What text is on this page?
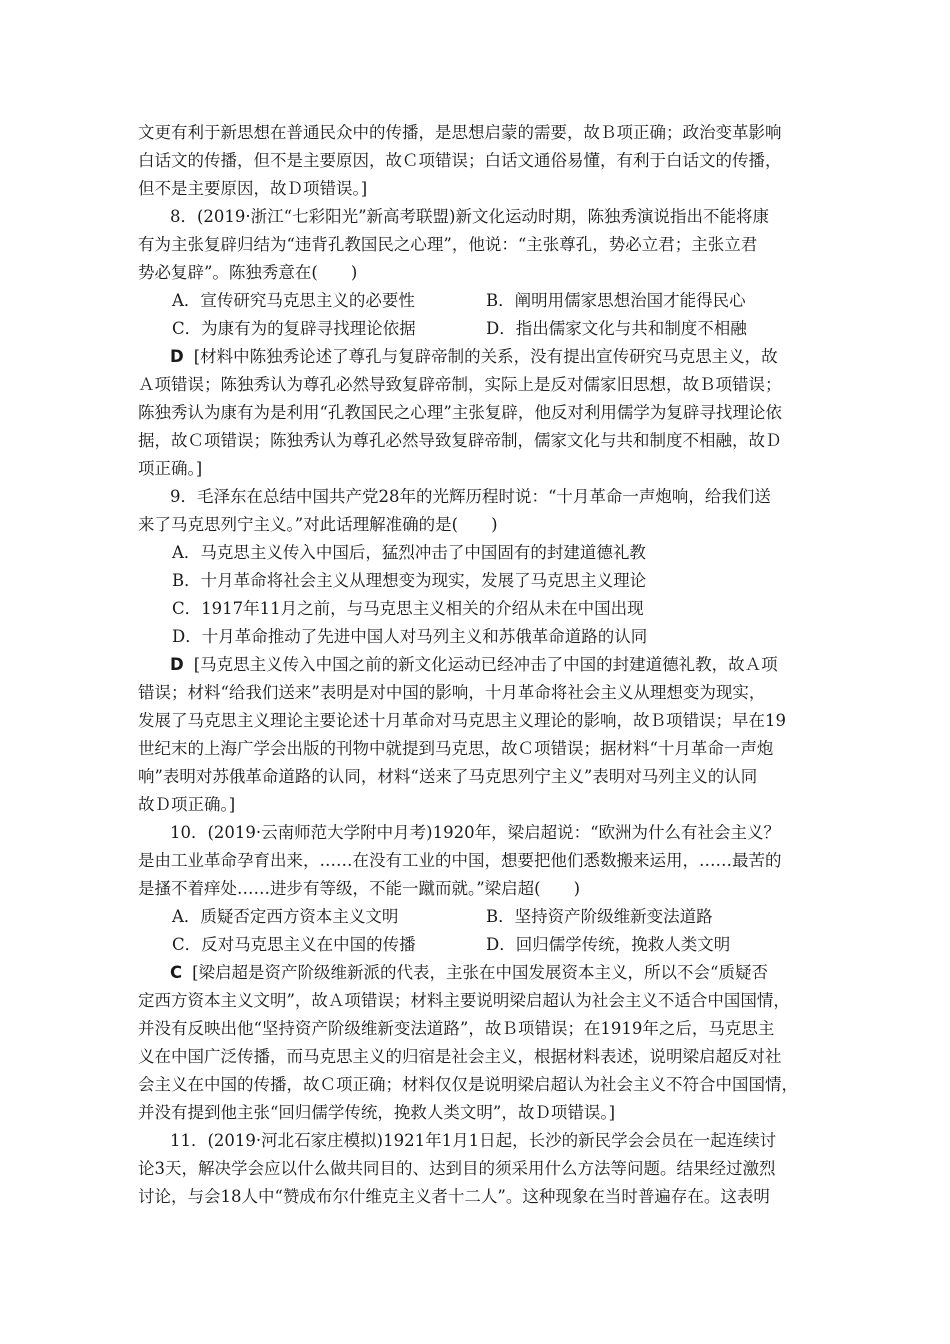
文更有利于新思想在普通民众中的传播，是思想启蒙的需要，故Ｂ项正确；政治变革影响
白话文的传播，但不是主要原因，故Ｃ项错误；白话文通俗易懂，有利于白话文的传播，
但不是主要原因，故Ｄ项错误。]
8．(2019·浙江“七彩阳光”新高考联盟)新文化运动时期，陈独秀演说指出不能将康
有为主张复辟归结为“违背孔教国民之心理”，他说：“主张尊孔，势必立君；主张立君
势必复辟”。陈独秀意在(　　)
A．宣传研究马克思主义的必要性	B．阐明用儒家思想治国才能得民心
C．为康有为的复辟寻找理论依据	D．指出儒家文化与共和制度不相融
D [材料中陈独秀论述了尊孔与复辟帝制的关系，没有提出宣传研究马克思主义，故
Ａ项错误；陈独秀认为尊孔必然导致复辟帝制，实际上是反对儒家旧思想，故Ｂ项错误；
陈独秀认为康有为是利用“孔教国民之心理”主张复辟，他反对利用儒学为复辟寻找理论依
据，故Ｃ项错误；陈独秀认为尊孔必然导致复辟帝制，儒家文化与共和制度不相融，故Ｄ
项正确。]
9．毛泽东在总结中国共产党28年的光辉历程时说：“十月革命一声炮响，给我们送
来了马克思列宁主义。”对此话理解准确的是(　　)
A．马克思主义传入中国后，猛烈冲击了中国固有的封建道德礼教
B．十月革命将社会主义从理想变为现实，发展了马克思主义理论
C．1917年11月之前，与马克思主义相关的介绍从未在中国出现
D．十月革命推动了先进中国人对马列主义和苏俄革命道路的认同
D [马克思主义传入中国之前的新文化运动已经冲击了中国的封建道德礼教，故Ａ项
错误；材料“给我们送来”表明是对中国的影响，十月革命将社会主义从理想变为现实，
发展了马克思主义理论主要论述十月革命对马克思主义理论的影响，故Ｂ项错误；早在19
世纪末的上海广学会出版的刊物中就提到马克思，故Ｃ项错误；据材料“十月革命一声炮
响”表明对苏俄革命道路的认同，材料“送来了马克思列宁主义”表明对马列主义的认同
故Ｄ项正确。]
10．(2019·云南师范大学附中月考)1920年，梁启超说：“欧洲为什么有社会主义？
是由工业革命孕育出来，……在没有工业的中国，想要把他们悉数搬来运用，……最苦的
是搔不着痒处……进步有等级，不能一蹴而就。”梁启超(　　)
A．质疑否定西方资本主义文明	B．坚持资产阶级维新变法道路
C．反对马克思主义在中国的传播	D．回归儒学传统，挽救人类文明
C [梁启超是资产阶级维新派的代表，主张在中国发展资本主义，所以不会“质疑否
定西方资本主义文明”，故Ａ项错误；材料主要说明梁启超认为社会主义不适合中国国情，
并没有反映出他“坚持资产阶级维新变法道路”，故Ｂ项错误；在1919年之后，马克思主
义在中国广泛传播，而马克思主义的归宿是社会主义，根据材料表述，说明梁启超反对社
会主义在中国的传播，故Ｃ项正确；材料仅仅是说明梁启超认为社会主义不符合中国国情，
并没有提到他主张“回归儒学传统，挽救人类文明”，故Ｄ项错误。]
11．(2019·河北石家庄模拟)1921年1月1日起，长沙的新民学会会员在一起连续讨
论3天，解决学会应以什么做共同目的、达到目的须采用什么方法等问题。结果经过激烈
讨论，与会18人中“赞成布尔什维克主义者十二人”。这种现象在当时普遍存在。这表明
